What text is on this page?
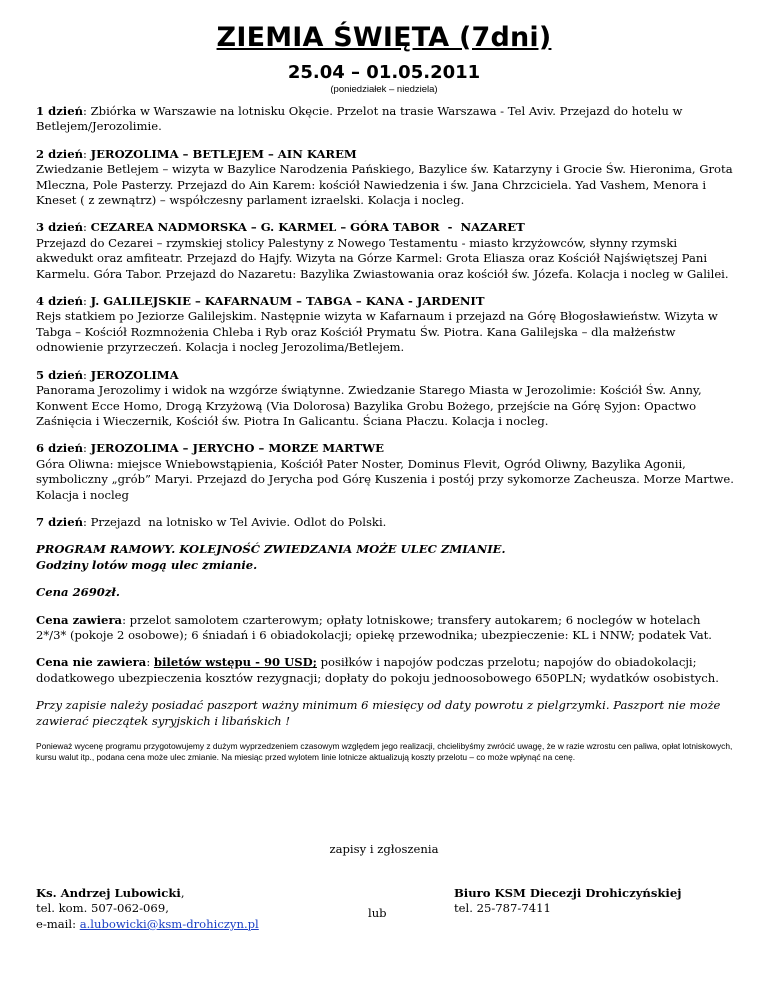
ZIEMIA ŚWIĘTA (7dni)
25.04 – 01.05.2011
(poniedziałek – niedziela)
1 dzień: Zbiórka w Warszawie na lotnisku Okęcie. Przelot na trasie Warszawa - Tel Aviv. Przejazd do hotelu w Betlejem/Jerozolimie.
2 dzień: JEROZOLIMA – BETLEJEM – AIN KAREM
Zwiedzanie Betlejem – wizyta w Bazylice Narodzenia Pańskiego, Bazylice św. Katarzyny i Grocie Św. Hieronima, Grota Mleczna, Pole Pasterzy. Przejazd do Ain Karem: kościół Nawiedzenia i św. Jana Chrzciciela. Yad Vashem, Menora i Kneset ( z zewnątrz) – współczesny parlament izraelski. Kolacja i nocleg.
3 dzień: CEZAREA NADMORSKA – G. KARMEL – GÓRA TABOR  -  NAZARET
Przejazd do Cezarei – rzymskiej stolicy Palestyny z Nowego Testamentu - miasto krzyżowców, słynny rzymski akwedukt oraz amfiteatr. Przejazd do Hajfy. Wizyta na Górze Karmel: Grota Eliasza oraz Kościół Najświętszej Pani Karmelu. Góra Tabor. Przejazd do Nazaretu: Bazylika Zwiastowania oraz kościół św. Józefa. Kolacja i nocleg w Galilei.
4 dzień: J. GALILEJSKIE – KAFARNAUM – TABGA – KANA - JARDENIT
Rejs statkiem po Jeziorze Galilejskim. Następnie wizyta w Kafarnaum i przejazd na Górę Błogosławieństw. Wizyta w Tabga – Kościół Rozmnożenia Chleba i Ryb oraz Kościół Prymatu Św. Piotra. Kana Galilejska – dla małżeństw odnowienie przyrzeczeń. Kolacja i nocleg Jerozolima/Betlejem.
5 dzień: JEROZOLIMA
Panorama Jerozolimy i widok na wzgórze świątynne. Zwiedzanie Starego Miasta w Jerozolimie: Kościół Św. Anny, Konwent Ecce Homo, Drogą Krzyżową (Via Dolorosa) Bazylika Grobu Bożego, przejście na Górę Syjon: Opactwo Zaśnięcia i Wieczernik, Kościół św. Piotra In Galicantu. Ściana Płaczu. Kolacja i nocleg.
6 dzień: JEROZOLIMA – JERYCHO – MORZE MARTWE
Góra Oliwna: miejsce Wniebowstąpienia, Kościół Pater Noster, Dominus Flevit, Ogród Oliwny, Bazylika Agonii, symboliczny „grób” Maryi. Przejazd do Jerycha pod Górę Kuszenia i postój przy sykomorze Zacheusza. Morze Martwe. Kolacja i nocleg
7 dzień: Przejazd  na lotnisko w Tel Avivie. Odlot do Polski.
PROGRAM RAMOWY. KOLEJNOŚĆ ZWIEDZANIA MOŻE ULEC ZMIANIE.
Godziny lotów mogą ulec zmianie.
Cena 2690zł.
Cena zawiera: przelot samolotem czarterowym; opłaty lotniskowe; transfery autokarem; 6 noclegów w hotelach  2*/3* (pokoje 2 osobowe); 6 śniadań i 6 obiadokolacji; opiekę przewodnika; ubezpieczenie: KL i NNW; podatek Vat.
Cena nie zawiera: biletów wstępu - 90 USD; posiłków i napojów podczas przelotu; napojów do obiadokolacji; dodatkowego ubezpieczenia kosztów rezygnacji; dopłaty do pokoju jednoosobowego 650PLN; wydatków osobistych.
Przy zapisie należy posiadać paszport ważny minimum 6 miesięcy od daty powrotu z pielgrzymki. Paszport nie może zawierać pieczątek syryjskich i libańskich !
Ponieważ wycenę programu przygotowujemy z dużym wyprzedzeniem czasowym względem jego realizacji, chcielibyśmy zwrócić uwagę, że w razie wzrostu cen paliwa, opłat lotniskowych, kursu walut itp., podana cena może ulec zmianie. Na miesiąc przed wylotem linie lotnicze aktualizują koszty przelotu – co może wpłynąć na cenę.
zapisy i zgłoszenia
Ks. Andrzej Lubowicki,
tel. kom. 507-062-069,
e-mail: a.lubowicki@ksm-drohiczyn.pl
lub
Biuro KSM Diecezji Drohiczyńskiej
tel. 25-787-7411
